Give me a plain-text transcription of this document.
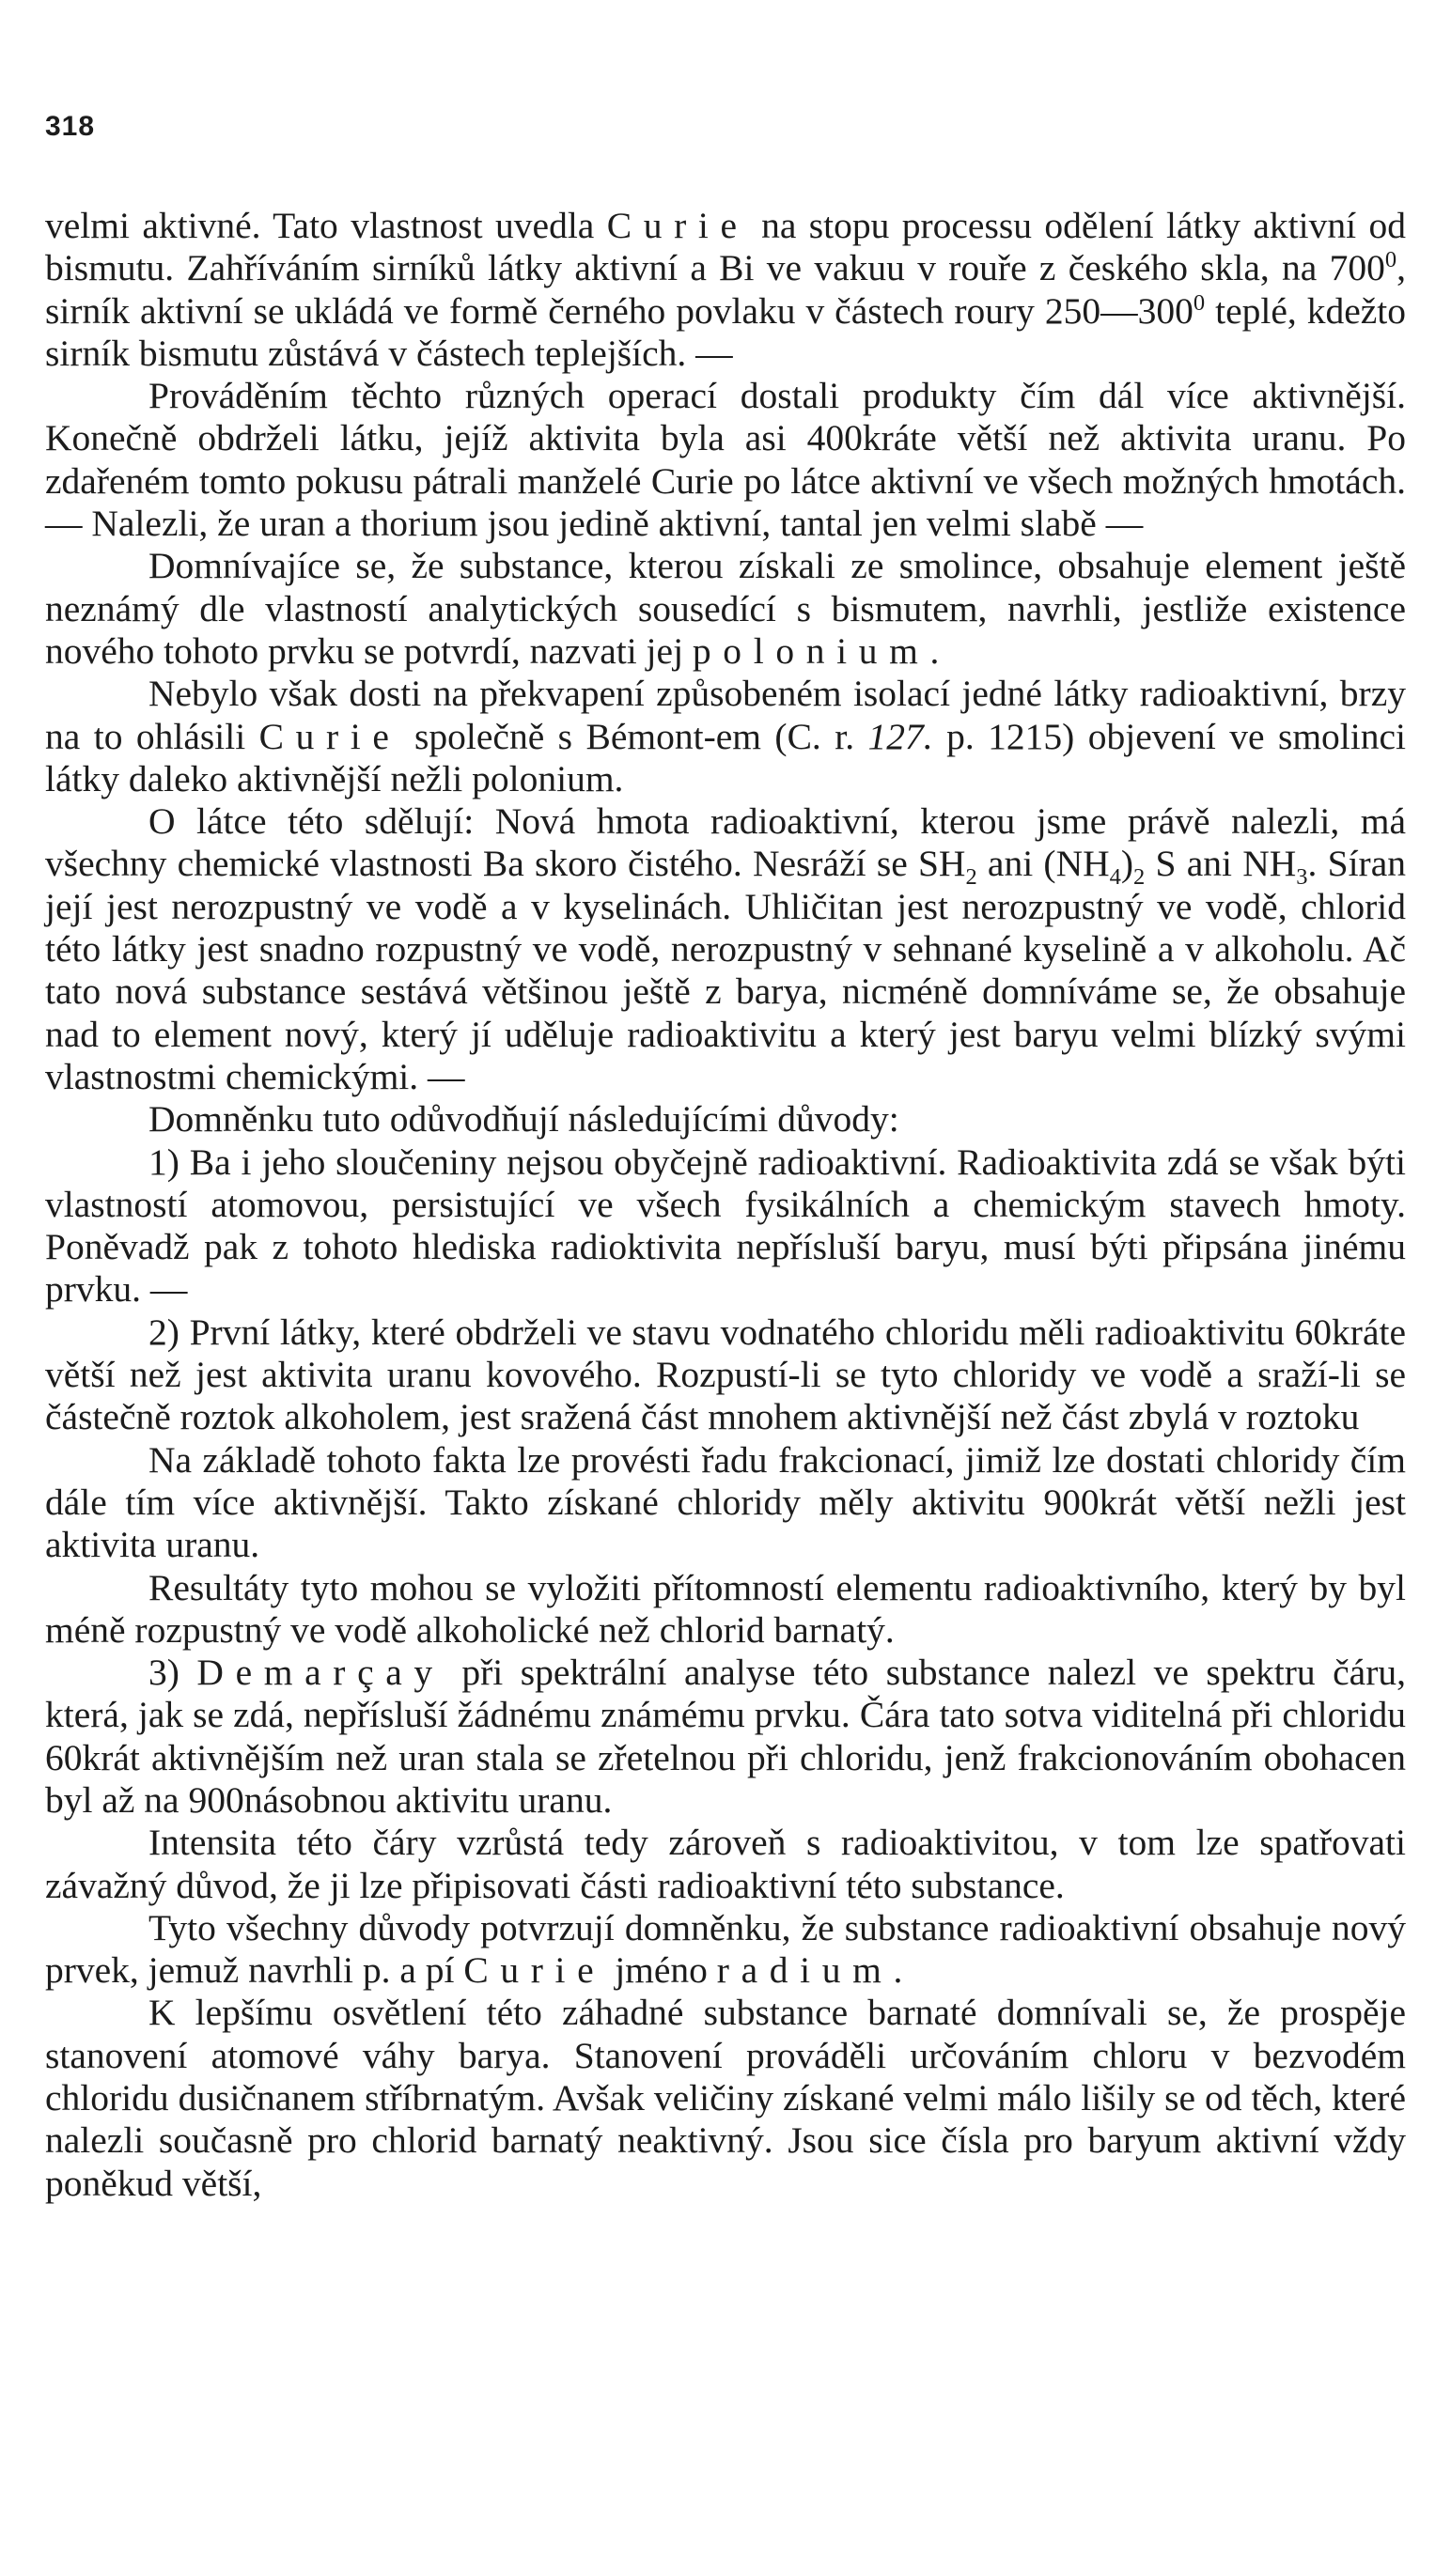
318

velmi aktivné. Tato vlastnost uvedla Curie na stopu processu odělení látky aktivní od bismutu. Zahříváním sirníků látky aktivní a Bi ve vakuu v rouře z českého skla, na $700^0$, sirník aktivní se ukládá ve formě černého povlaku v částech roury $250—300^0$ teplé, kdežto sirník bismutu zůstává v částech teplejších. —

Prováděním těchto různých operací dostali produkty čím dál více aktivnější. Konečně obdrželi látku, jejíž aktivita byla asi 400kráte větší než aktivita uranu. Po zdařeném tomto pokusu pátrali manželé Curie po látce aktivní ve všech možných hmotách. — Nalezli, že uran a thorium jsou jedině aktivní, tantal jen velmi slabě —

Domnívajíce se, že substance, kterou získali ze smolince, obsahuje element ještě neznámý dle vlastností analytických sousedící s bismutem, navrhli, jestliže existence nového tohoto prvku se potvrdí, nazvati jej polonium.

Nebylo však dosti na překvapení způsobeném isolací jedné látky radioaktivní, brzy na to ohlásili Curie společně s Bémont-em (C. r. 127. p. 1215) objevení ve smolinci látky daleko aktivnější nežli polonium.

O látce této sdělují: Nová hmota radioaktivní, kterou jsme právě nalezli, má všechny chemické vlastnosti Ba skoro čistého. Nesráží se $SH_2$ ani $(NH_4)_2$ S ani $NH_3$. Síran její jest nerozpustný ve vodě a v kyselinách. Uhličitan jest nerozpustný ve vodě, chlorid této látky jest snadno rozpustný ve vodě, nerozpustný v sehnané kyselině a v alkoholu. Ač tato nová substance sestává většinou ještě z barya, nicméně domníváme se, že obsahuje nad to element nový, který jí uděluje radioaktivitu a který jest baryu velmi blízký svými vlastnostmi chemickými. —

Domněnku tuto odůvodňují následujícími důvody:

1) Ba i jeho sloučeniny nejsou obyčejně radioaktivní. Radioaktivita zdá se však býti vlastností atomovou, persistující ve všech fysikálních a chemickým stavech hmoty. Poněvadž pak z tohoto hlediska radioktivita nepřísluší baryu, musí býti připsána jinému prvku. —

2) První látky, které obdrželi ve stavu vodnatého chloridu měli radioaktivitu 60kráte větší než jest aktivita uranu kovového. Rozpustí-li se tyto chloridy ve vodě a sraží-li se částečně roztok alkoholem, jest sražená část mnohem aktivnější než část zbylá v roztoku

Na základě tohoto fakta lze provésti řadu frakcionací, jimiž lze dostati chloridy čím dále tím více aktivnější. Takto získané chloridy měly aktivitu 900krát větší nežli jest aktivita uranu.

Resultáty tyto mohou se vyložiti přítomností elementu radioaktivního, který by byl méně rozpustný ve vodě alkoholické než chlorid barnatý.

3) Demarçay při spektrální analyse této substance nalezl ve spektru čáru, která, jak se zdá, nepřísluší žádnému známému prvku. Čára tato sotva viditelná při chloridu 60krát aktivnějším než uran stala se zřetelnou při chloridu, jenž frakcionováním obohacen byl až na 900násobnou aktivitu uranu.

Intensita této čáry vzrůstá tedy zároveň s radioaktivitou, v tom lze spatřovati závažný důvod, že ji lze připisovati části radioaktivní této substance.

Tyto všechny důvody potvrzují domněnku, že substance radioaktivní obsahuje nový prvek, jemuž navrhli p. a pí Curie jméno radium.

K lepšímu osvětlení této záhadné substance barnaté domnívali se, že prospěje stanovení atomové váhy barya. Stanovení prováděli určováním chloru v bezvodém chloridu dusičnanem stříbrnatým. Avšak veličiny získané velmi málo lišily se od těch, které nalezli současně pro chlorid barnatý neaktivný. Jsou sice čísla pro baryum aktivní vždy poněkud větší,
